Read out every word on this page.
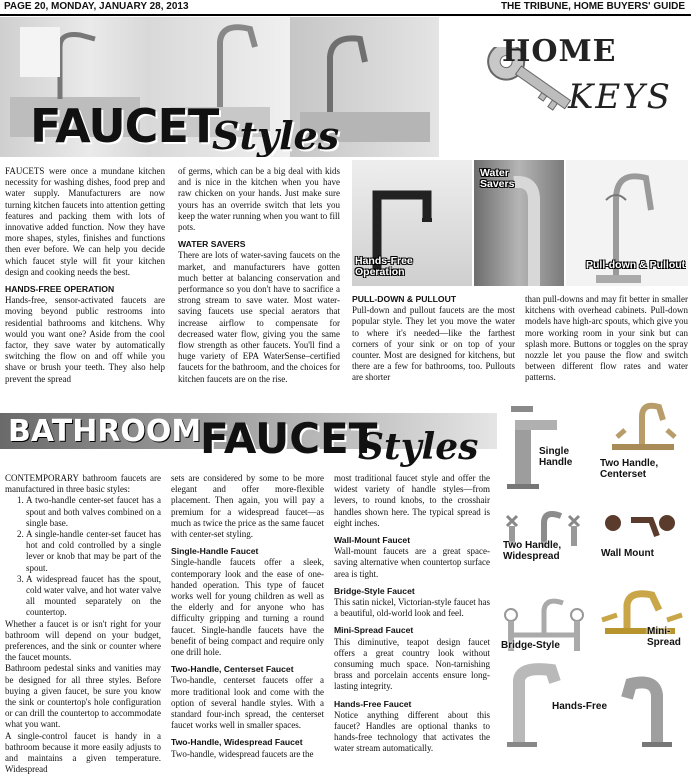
PAGE 20, MONDAY, JANUARY 28, 2013	THE TRIBUNE, HOME BUYERS' GUIDE
FAUCET
Styles
HOME
KEYS

FAUCETS were once a mundane kitchen necessity for washing dishes, food prep and water supply. Manufacturers are now turning kitchen faucets into attention getting features and packing them with lots of innovative added function. Now they have more shapes, styles, finishes and functions then ever before. We can help you decide which faucet style will fit your kitchen design and cooking needs the best.

HANDS-FREE OPERATION

Hands-free, sensor-activated faucets are moving beyond public restrooms into residential bathrooms and kitchens. Why would you want one? Aside from the cool factor, they save water by automatically switching the flow on and off while you shave or brush your teeth. They also help prevent the spread

of germs, which can be a big deal with kids and is nice in the kitchen when you have raw chicken on your hands. Just make sure yours has an override switch that lets you keep the water running when you want to fill pots.

WATER SAVERS

There are lots of water-saving faucets on the market, and manufacturers have gotten much better at balancing conservation and performance so you don't have to sacrifice a strong stream to save water. Most water-saving faucets use special aerators that increase airflow to compensate for decreased water flow, giving you the same flow strength as other faucets. You'll find a huge variety of EPA WaterSense–certified faucets for the bathroom, and the choices for kitchen faucets are on the rise.

Hands-Free Operation
Water Savers
Pull-down & Pullout

PULL-DOWN & PULLOUT

Pull-down and pullout faucets are the most popular style. They let you move the water to where it's needed—like the farthest corners of your sink or on top of your counter. Most are designed for kitchens, but there are a few for bathrooms, too. Pullouts are shorter

than pull-downs and may fit better in smaller kitchens with overhead cabinets. Pull-down models have high-arc spouts, which give you more working room in your sink but can splash more. Buttons or toggles on the spray nozzle let you pause the flow and switch between different flow rates and water patterns.

BATHROOM
FAUCET
Styles

CONTEMPORARY bathroom faucets are manufactured in three basic styles:

1. A two-handle center-set faucet has a spout and both valves combined on a single base.
2. A single-handle center-set faucet has hot and cold controlled by a single lever or knob that may be part of the spout.
3. A widespread faucet has the spout, cold water valve, and hot water valve all mounted separately on the countertop.

Whether a faucet is or isn't right for your bathroom will depend on your budget, preferences, and the sink or counter where the faucet mounts.

Bathroom pedestal sinks and vanities may be designed for all three styles. Before buying a given faucet, be sure you know the sink or countertop's hole configuration or can drill the countertop to accommodate what you want.

A single-control faucet is handy in a bathroom because it more easily adjusts to and maintains a given temperature. Widespread

sets are considered by some to be more elegant and offer more-flexible placement. Then again, you will pay a premium for a widespread faucet—as much as twice the price as the same faucet with center-set styling.

Single-Handle Faucet

Single-handle faucets offer a sleek, contemporary look and the ease of one-handed operation. This type of faucet works well for young children as well as the elderly and for anyone who has difficulty gripping and turning a round faucet. Single-handle faucets have the benefit of being compact and require only one drill hole.

Two-Handle, Centerset Faucet

Two-handle, centerset faucets offer a more traditional look and come with the option of several handle styles. With a standard four-inch spread, the centerset faucet works well in smaller spaces.

Two-Handle, Widespread Faucet

Two-handle, widespread faucets are the

most traditional faucet style and offer the widest variety of handle styles—from levers, to round knobs, to the crosshair handles shown here. The typical spread is eight inches.

Wall-Mount Faucet

Wall-mount faucets are a great space-saving alternative when countertop surface area is tight.

Bridge-Style Faucet

This satin nickel, Victorian-style faucet has a beautiful, old-world look and feel.

Mini-Spread Faucet

This diminutive, teapot design faucet offers a great country look without consuming much space. Non-tarnishing brass and porcelain accents ensure long-lasting integrity.

Hands-Free Faucet

Notice anything different about this faucet? Handles are optional thanks to hands-free technology that activates the water stream automatically.

Single Handle	Two Handle, Centerset
Two Handle, Widespread	Wall Mount
Bridge-Style
Mini-Spread
Hands-Free
